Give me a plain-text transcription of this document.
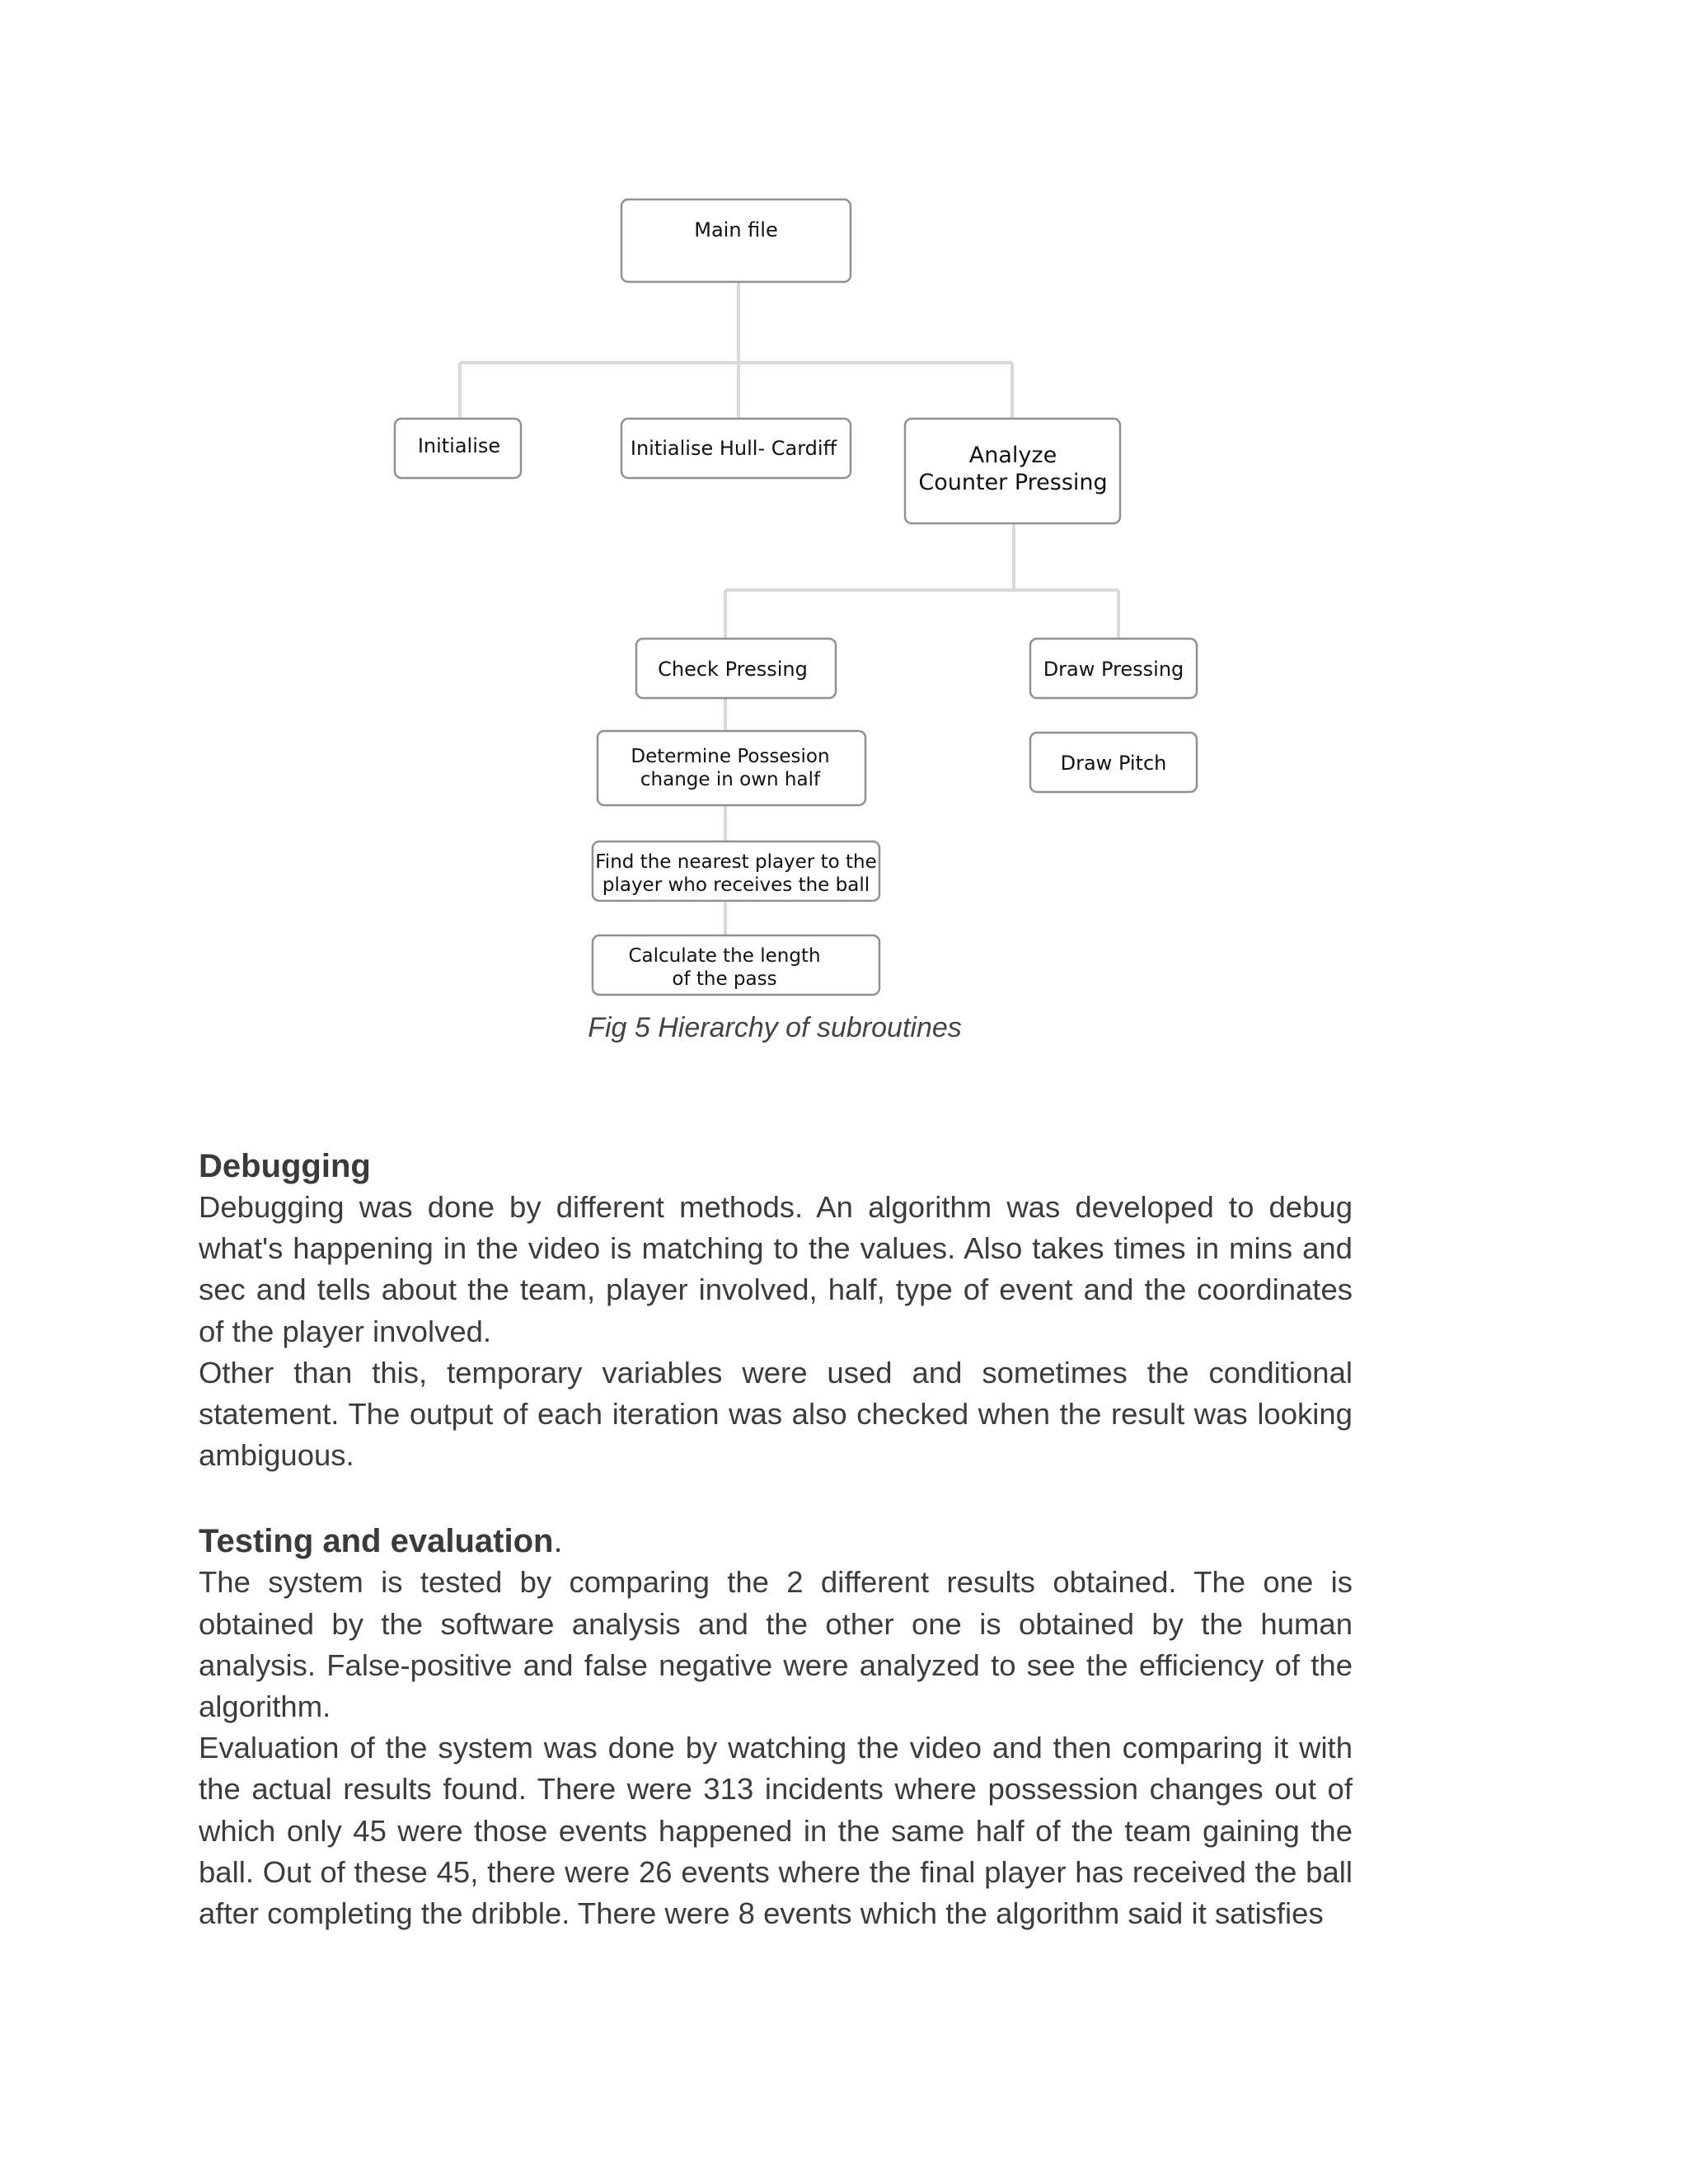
Main file
Initialise	Initialise Hull- Cardiff	Analyze
Counter Pressing
Check Pressing
Determine Possesion
change in own half
Find the nearest player to the
player who receives the ball
Calculate the length
of the pass
Draw Pressing
Draw Pitch
Fig 5 Hierarchy of subroutines
Debugging

Debugging was done by different methods. An algorithm was developed to debug what's happening in the video is matching to the values. Also takes times in mins and sec and tells about the team, player involved, half, type of event and the coordinates of the player involved.

Other than this, temporary variables were used and sometimes the conditional statement. The output of each iteration was also checked when the result was looking ambiguous.

Testing and evaluation.

The system is tested by comparing the 2 different results obtained. The one is obtained by the software analysis and the other one is obtained by the human analysis. False-positive and false negative were analyzed to see the efficiency of the algorithm.

Evaluation of the system was done by watching the video and then comparing it with the actual results found. There were 313 incidents where possession changes out of which only 45 were those events happened in the same half of the team gaining the ball. Out of these 45, there were 26 events where the final player has received the ball after completing the dribble. There were 8 events which the algorithm said it satisfies
